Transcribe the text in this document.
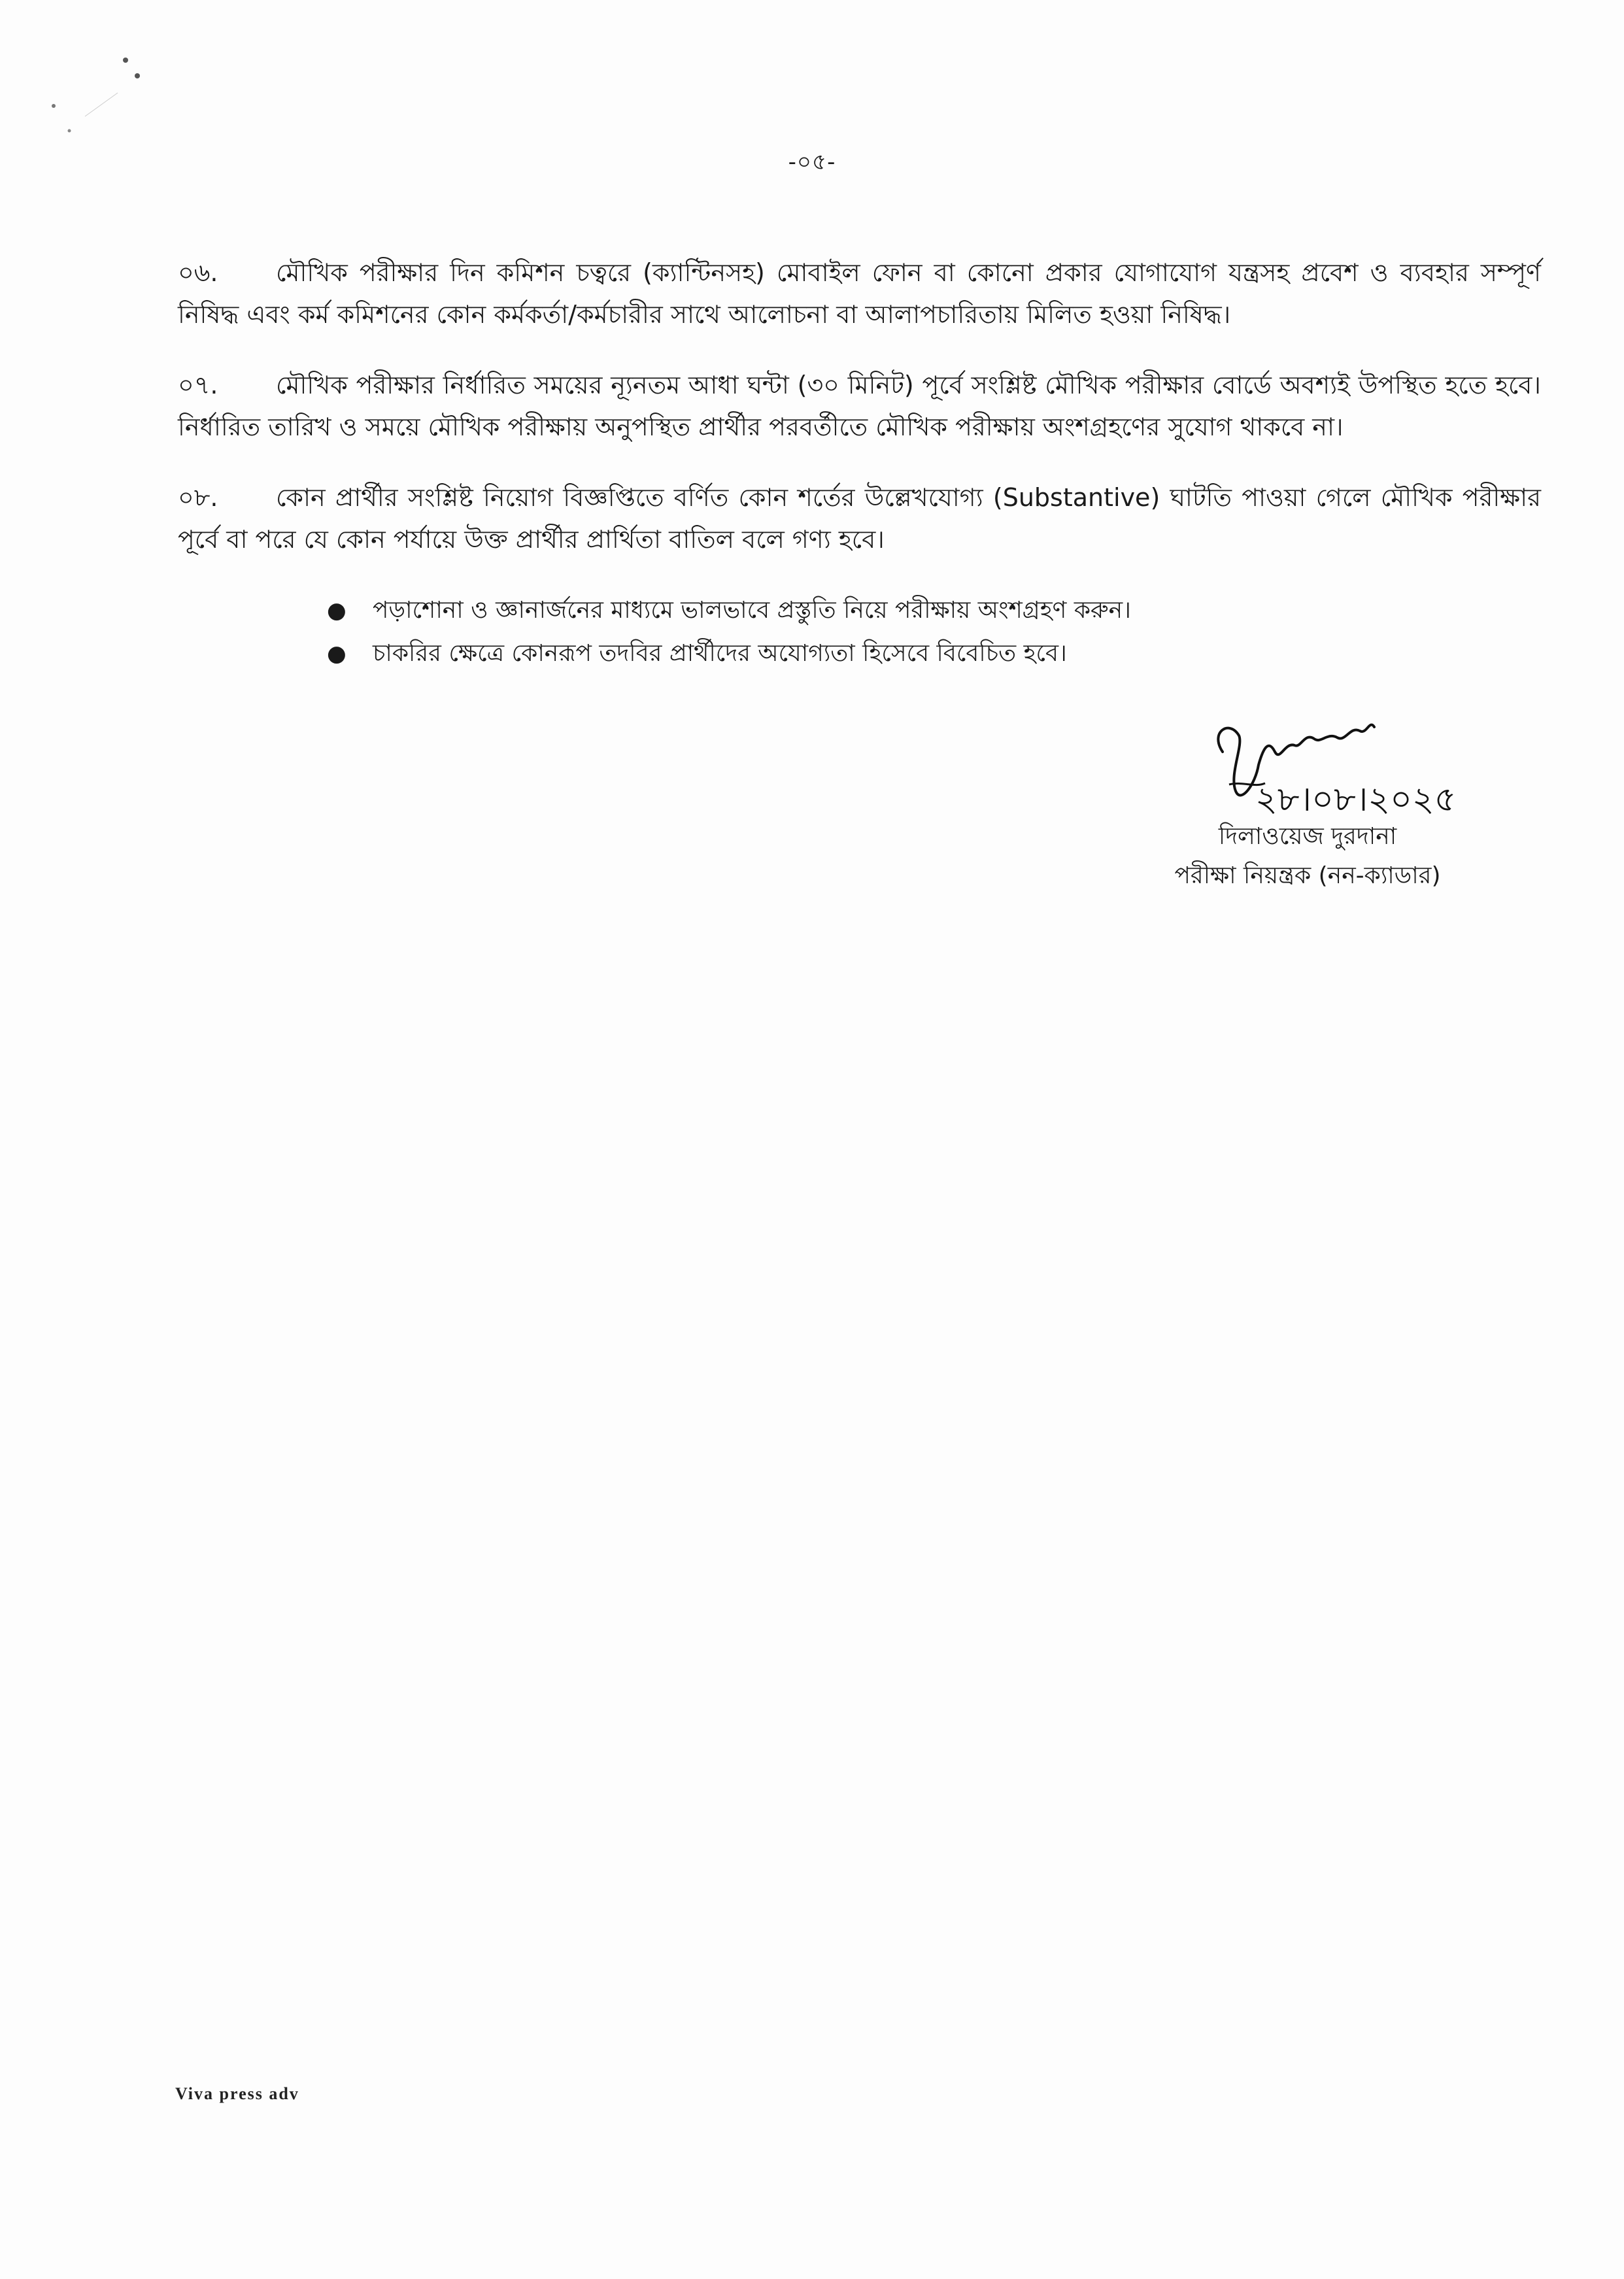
-০৫-

০৬. মৌখিক পরীক্ষার দিন কমিশন চত্বরে (ক্যান্টিনসহ) মোবাইল ফোন বা কোনো প্রকার যোগাযোগ যন্ত্রসহ প্রবেশ ও ব্যবহার সম্পূর্ণ নিষিদ্ধ এবং কর্ম কমিশনের কোন কর্মকর্তা/কর্মচারীর সাথে আলোচনা বা আলাপচারিতায় মিলিত হওয়া নিষিদ্ধ।

০৭. মৌখিক পরীক্ষার নির্ধারিত সময়ের ন্যূনতম আধা ঘন্টা (৩০ মিনিট) পূর্বে সংশ্লিষ্ট মৌখিক পরীক্ষার বোর্ডে অবশ্যই উপস্থিত হতে হবে। নির্ধারিত তারিখ ও সময়ে মৌখিক পরীক্ষায় অনুপস্থিত প্রার্থীর পরবর্তীতে মৌখিক পরীক্ষায় অংশগ্রহণের সুযোগ থাকবে না।

০৮. কোন প্রার্থীর সংশ্লিষ্ট নিয়োগ বিজ্ঞপ্তিতে বর্ণিত কোন শর্তের উল্লেখযোগ্য (Substantive) ঘাটতি পাওয়া গেলে মৌখিক পরীক্ষার পূর্বে বা পরে যে কোন পর্যায়ে উক্ত প্রার্থীর প্রার্থিতা বাতিল বলে গণ্য হবে।

● পড়াশোনা ও জ্ঞানার্জনের মাধ্যমে ভালভাবে প্রস্তুতি নিয়ে পরীক্ষায় অংশগ্রহণ করুন।
● চাকরির ক্ষেত্রে কোনরূপ তদবির প্রার্থীদের অযোগ্যতা হিসেবে বিবেচিত হবে।
২৮।০৮।২০২৫
দিলাওয়েজ দুরদানা
পরীক্ষা নিয়ন্ত্রক (নন-ক্যাডার)
Viva press adv
